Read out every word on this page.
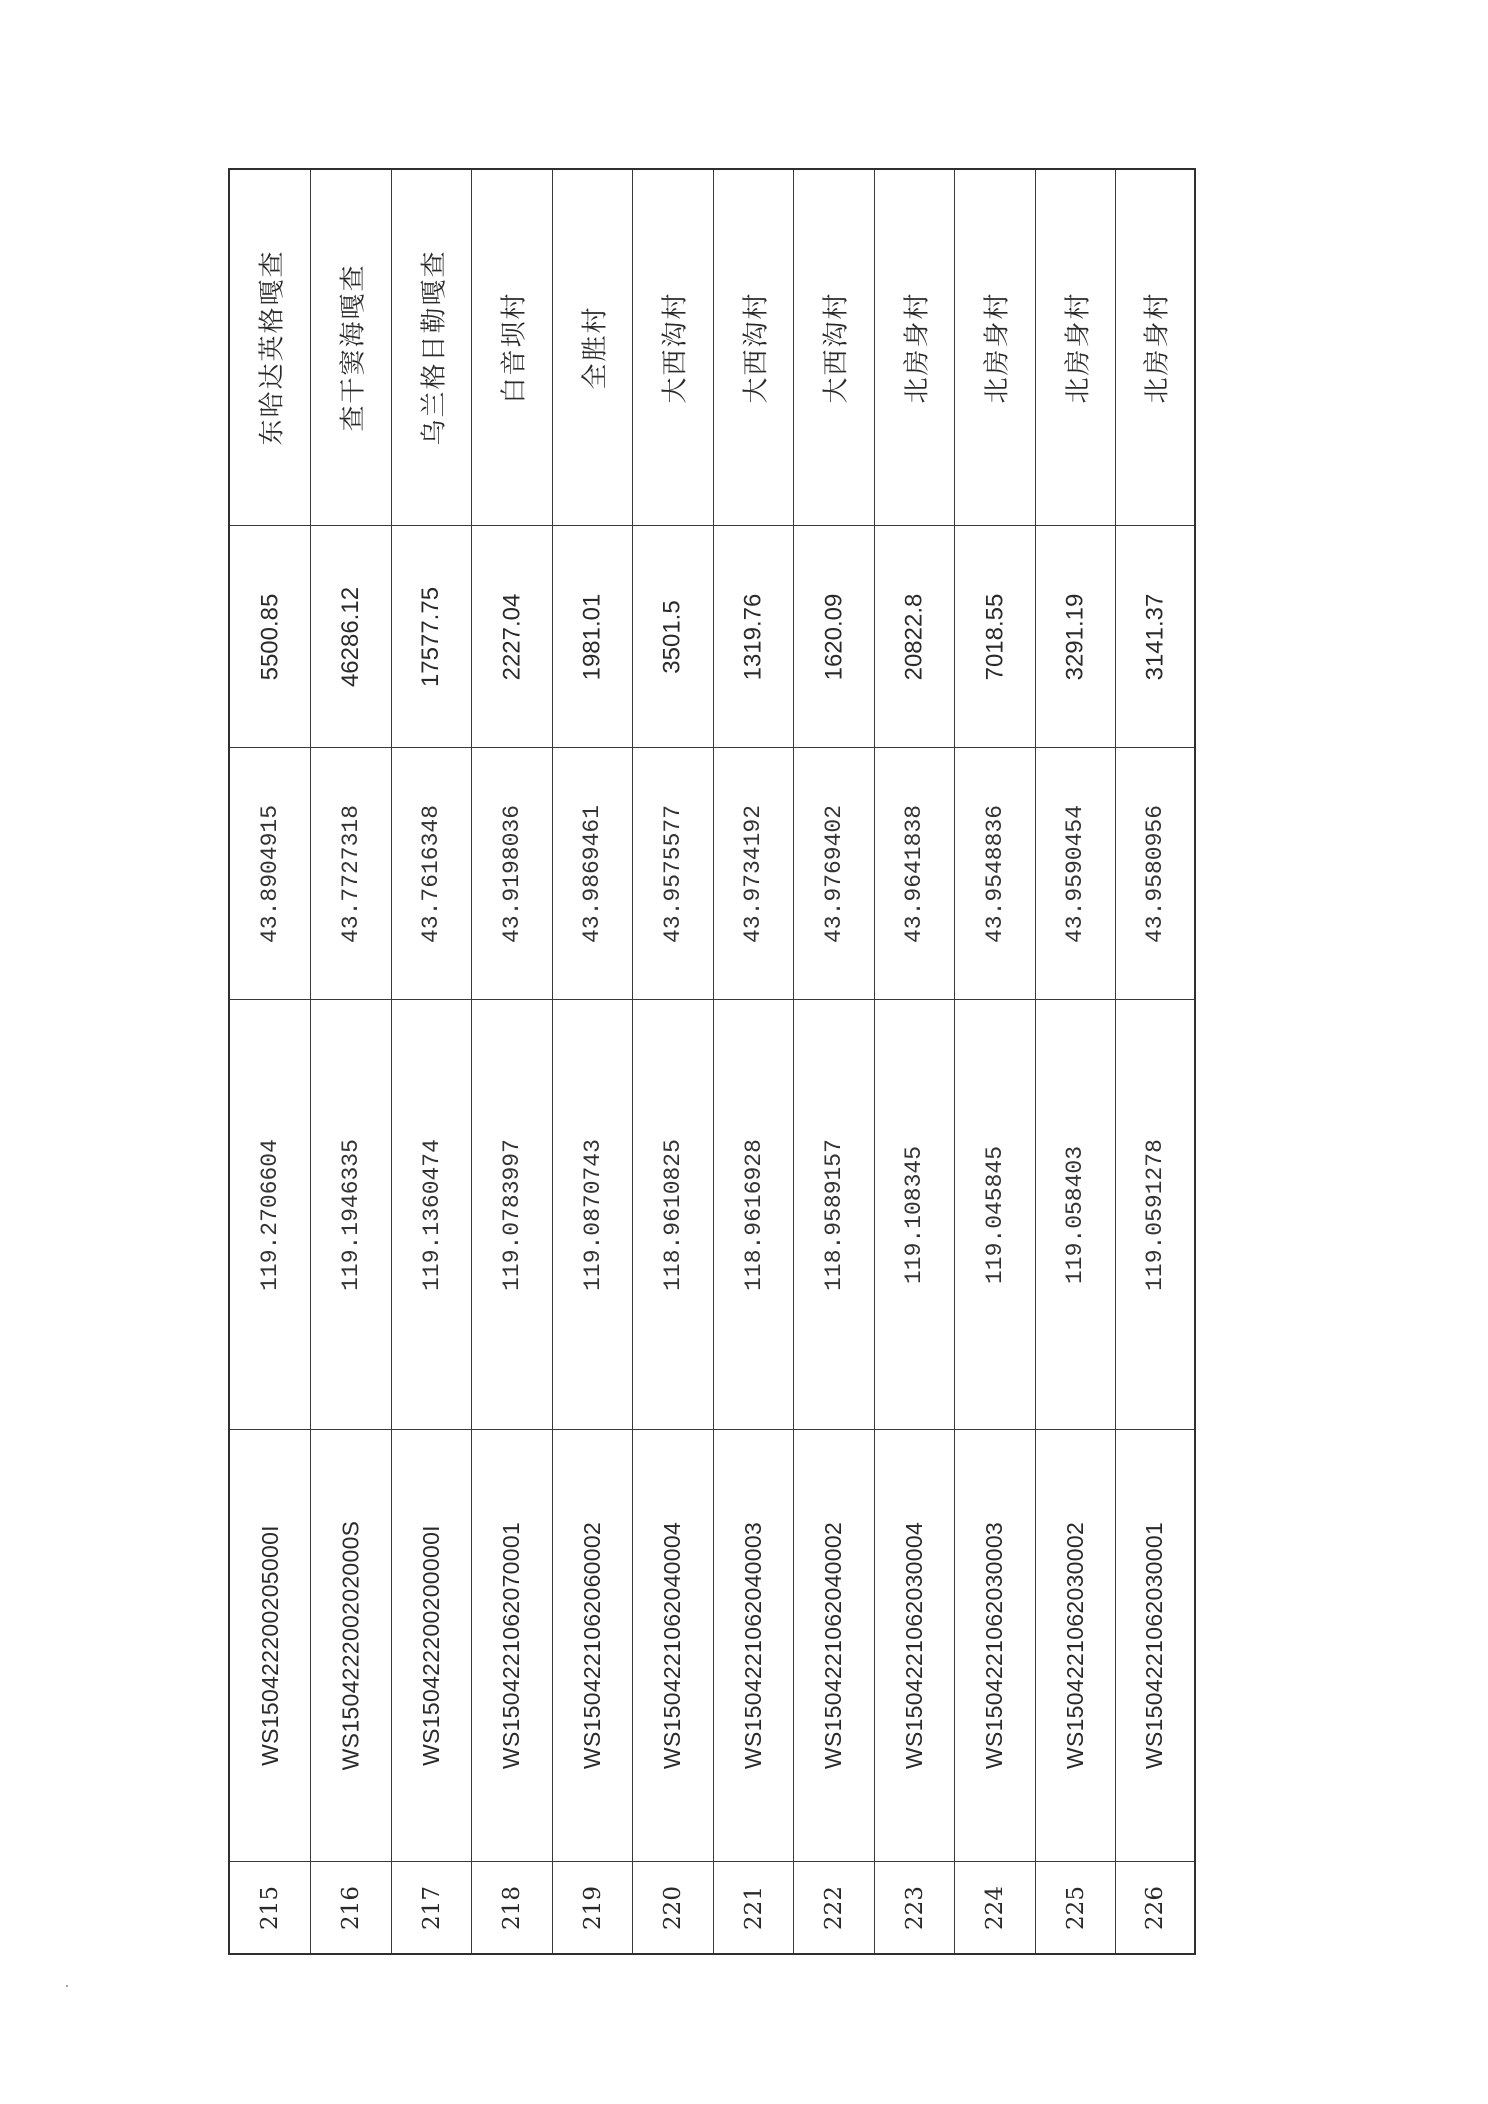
东哈达英格嘎查
5500.85
43.8904915
119.2706604
WS150422200205000I
215
查干窦海嘎查
46286.12
43.7727318
119.1946335
WS150422200202000S
216
乌兰格日勒嘎查
17577.75
43.7616348
119.1360474
WS150422200200000I
217
白音坝村
2227.04
43.9198036
119.0783997
WS1504221062070001
218
全胜村
1981.01
43.9869461
119.0870743
WS1504221062060002
219
大西沟村
3501.5
43.9575577
118.9610825
WS1504221062040004
220
大西沟村
1319.76
43.9734192
118.9616928
WS1504221062040003
221
大西沟村
1620.09
43.9769402
118.9589157
WS1504221062040002
222
北房身村
20822.8
43.9641838
119.108345
WS1504221062030004
223
北房身村
7018.55
43.9548836
119.045845
WS1504221062030003
224
北房身村
3291.19
43.9590454
119.058403
WS1504221062030002
225
北房身村
3141.37
43.9580956
119.0591278
WS1504221062030001
226
